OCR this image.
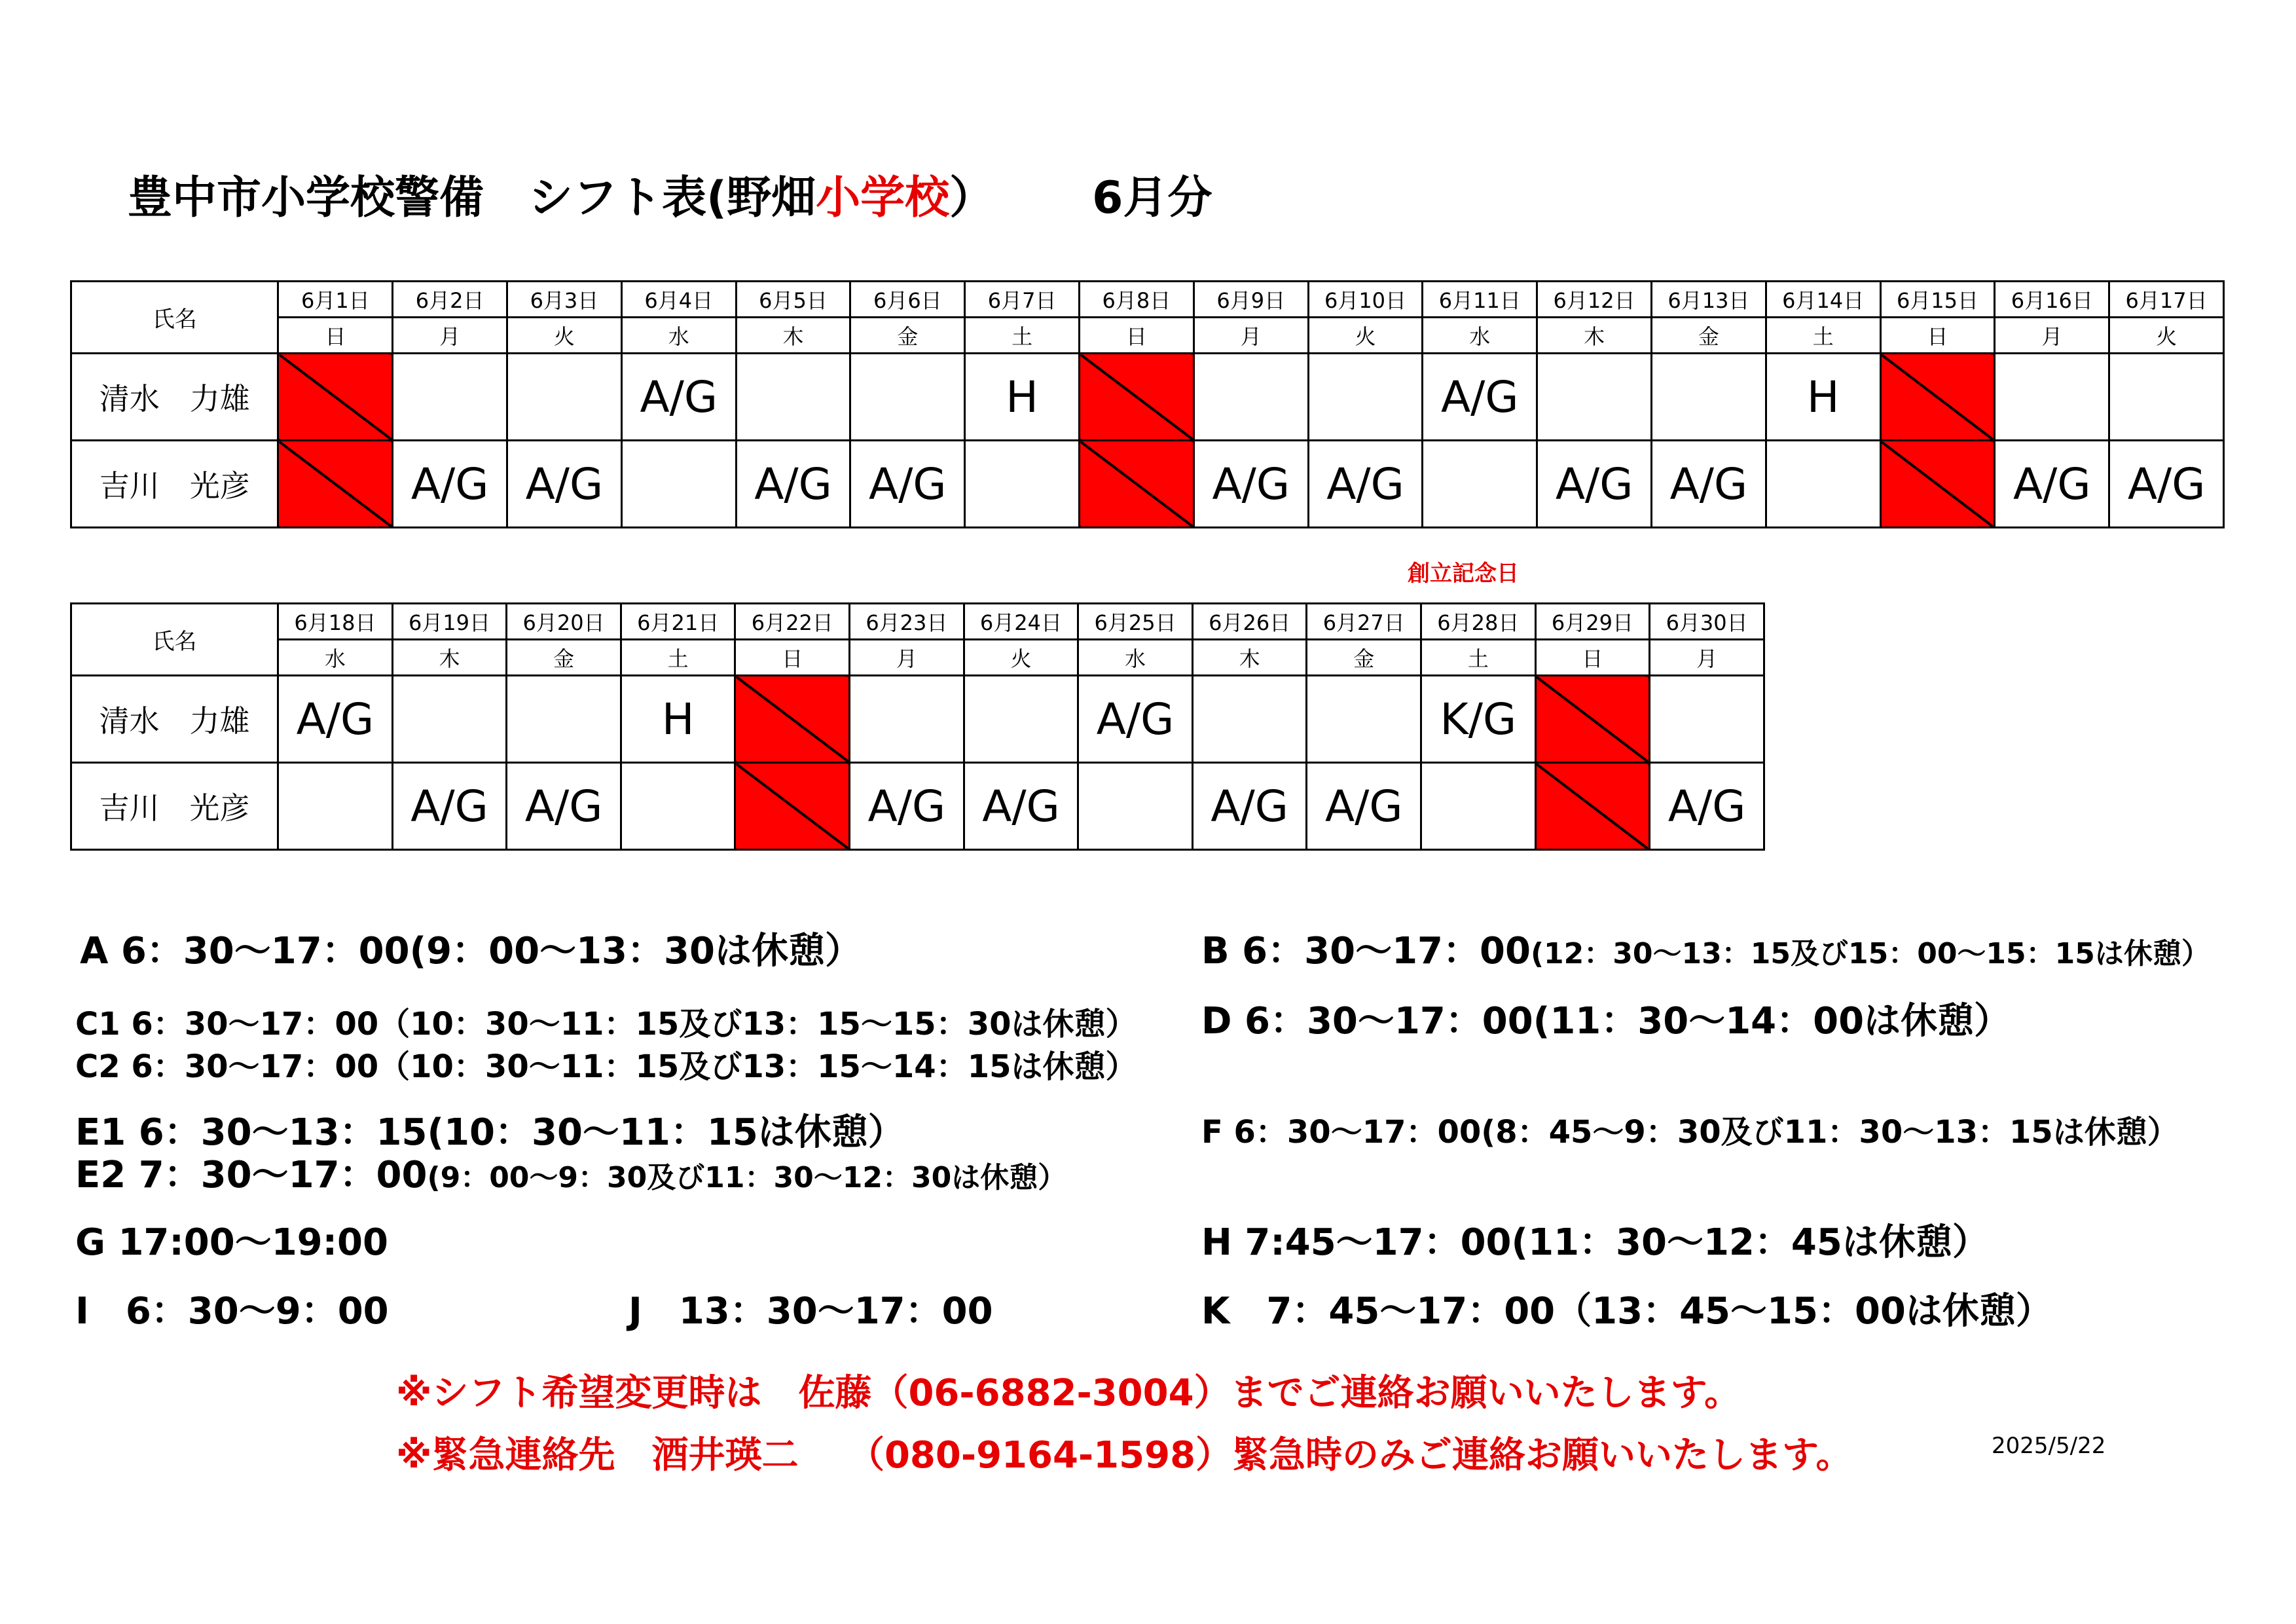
豊中市小学校警備　シフト表(野畑小学校） 6月分
氏名	6月1日	6月2日	6月3日	6月4日	6月5日	6月6日	6月7日	6月8日	6月9日	6月10日	6月11日	6月12日	6月13日	6月14日	6月15日	6月16日	6月17日
	日	月	火	水	木	金	土	日	月	火	水	木	金	土	日	月	火
清水　力雄				A/G			H				A/G			H			
吉川　光彦		A/G	A/G		A/G	A/G			A/G	A/G		A/G	A/G			A/G	A/G
創立記念日
氏名	6月18日	6月19日	6月20日	6月21日	6月22日	6月23日	6月24日	6月25日	6月26日	6月27日	6月28日	6月29日	6月30日
	水	木	金	土	日	月	火	水	木	金	土	日	月
清水　力雄	A/G			H				A/G			K/G		
吉川　光彦		A/G	A/G			A/G	A/G		A/G	A/G			A/G
A 6：30～17：00(9：00～13：30は休憩）	B 6：30～17：00(12：30～13：15及び15：00～15：15は休憩）
C1 6：30～17：00（10：30～11：15及び13：15～15：30は休憩） D 6：30～17：00(11：30～14：00は休憩）
C2 6：30～17：00（10：30～11：15及び13：15～14：15は休憩）
E1 6：30～13：15(10：30～11：15は休憩）	F 6：30～17：00(8：45～9：30及び11：30～13：15は休憩）
E2 7：30～17：00(9：00～9：30及び11：30～12：30は休憩）
G 17:00～19:00	H 7:45～17：00(11：30～12：45は休憩）
I　6：30～9：00	J　13：30～17：00	K　7：45～17：00（13：45～15：00は休憩）
※シフト希望変更時は　佐藤（06-6882-3004）までご連絡お願いいたします。
※緊急連絡先　酒井瑛二　 （080-9164-1598）緊急時のみご連絡お願いいたします。	2025/5/22
